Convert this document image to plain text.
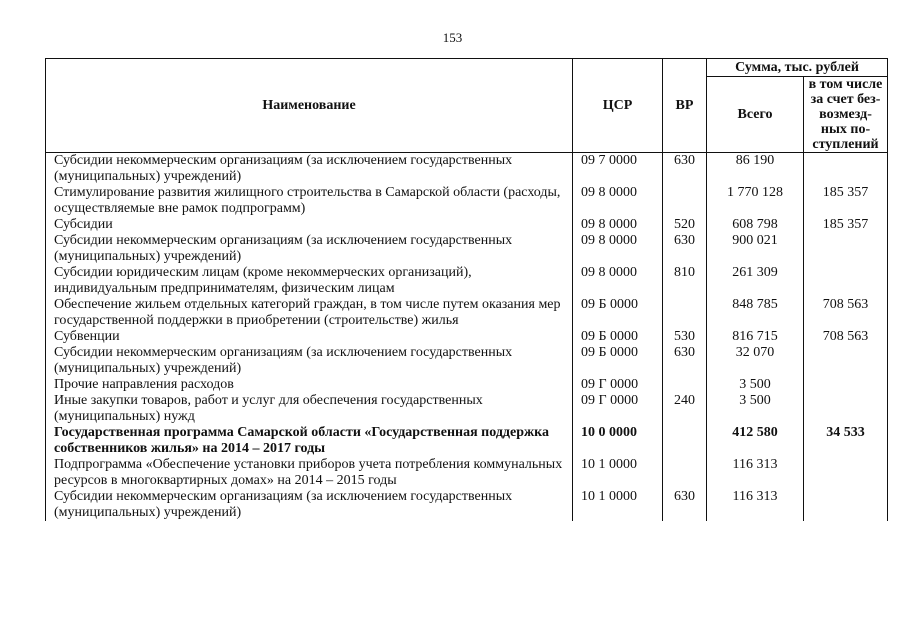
153
Наименование	ЦСР	ВР	Сумма, тыс. рублей	
			Всего	в том числе
за счет без-
возмезд-
ных по-
ступлений

Субсидии некоммерческим организациям (за исключением государственных (муниципальных) учреждений)	09 7 0000	630	86 190	
Стимулирование развития жилищного строительства в Самарской области (расходы, осуществляемые вне рамок подпрограмм)	09 8 0000		1 770 128	185 357
Субсидии	09 8 0000	520	608 798	185 357
Субсидии некоммерческим организациям (за исключением государственных (муниципальных) учреждений)	09 8 0000	630	900 021	
Субсидии юридическим лицам (кроме некоммерческих организаций), индивидуальным предпринимателям, физическим лицам	09 8 0000	810	261 309	
Обеспечение жильем отдельных категорий граждан, в том числе путем оказания мер государственной поддержки в приобретении (строительстве) жилья	09 Б 0000		848 785	708 563
Субвенции	09 Б 0000	530	816 715	708 563
Субсидии некоммерческим организациям (за исключением государственных (муниципальных) учреждений)	09 Б 0000	630	32 070	
Прочие направления расходов	09 Г 0000		3 500	
Иные закупки товаров, работ и услуг для обеспечения государственных (муниципальных) нужд	09 Г 0000	240	3 500	
Государственная программа Самарской области «Государственная поддержка собственников жилья» на 2014 – 2017 годы	10 0 0000		412 580	34 533
Подпрограмма «Обеспечение установки приборов учета потребления коммунальных ресурсов в многоквартирных домах» на 2014 – 2015 годы	10 1 0000		116 313	
Субсидии некоммерческим организациям (за исключением государственных (муниципальных) учреждений)	10 1 0000	630	116 313	
